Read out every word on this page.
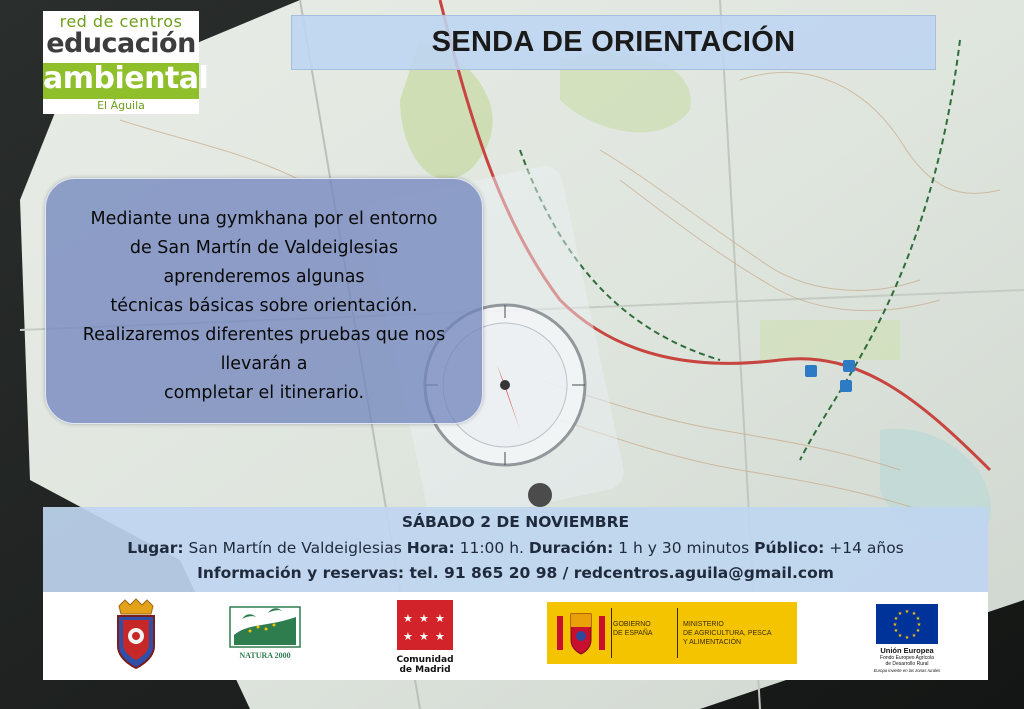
red de centros
educación
ambiental
El Águila
SENDA DE ORIENTACIÓN
Mediante una gymkhana por el entorno
de San Martín de Valdeiglesias
aprenderemos algunas
técnicas básicas sobre orientación.
Realizaremos diferentes pruebas que nos
llevarán a
completar el itinerario.
SÁBADO 2 DE NOVIEMBRE
Lugar: San Martín de Valdeiglesias Hora: 11:00 h. Duración: 1 h y 30 minutos Público: +14 años
Información y reservas: tel. 91 865 20 98 / redcentros.aguila@gmail.com
NATURA 2000
★ ★ ★
★ ★ ★
Comunidad
de Madrid
GOBIERNO
DE ESPAÑA
MINISTERIO
DE AGRICULTURA, PESCA
Y ALIMENTACIÓN
★ ★
★
★
★
★
★
★
★
★
★
★
Unión Europea
Fondo Europeo Agrícola
de Desarrollo Rural
Europa invierte en las zonas rurales
